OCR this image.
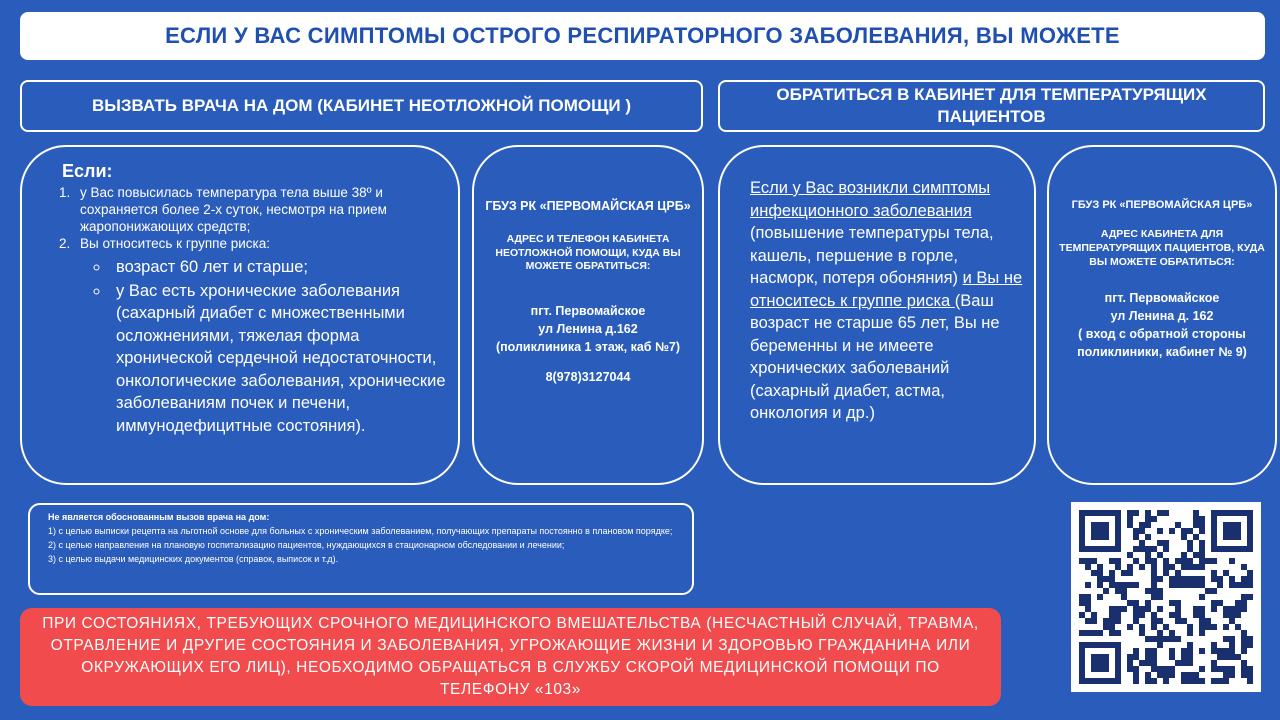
ЕСЛИ У ВАС СИМПТОМЫ ОСТРОГО РЕСПИРАТОРНОГО ЗАБОЛЕВАНИЯ, ВЫ МОЖЕТЕ
ВЫЗВАТЬ ВРАЧА НА ДОМ (КАБИНЕТ НЕОТЛОЖНОЙ ПОМОЩИ )
ОБРАТИТЬСЯ В КАБИНЕТ ДЛЯ ТЕМПЕРАТУРЯЩИХ ПАЦИЕНТОВ
Если:
1. у Вас повысилась температура тела выше 38º и сохраняется более 2-х суток, несмотря на прием жаропонижающих средств;
2. Вы относитесь к группе риска:
◦ возраст 60 лет и старше;
◦ у Вас есть хронические заболевания (сахарный диабет с множественными осложнениями, тяжелая форма хронической сердечной недостаточности, онкологические заболевания, хронические заболеваниям почек и печени, иммунодефицитные состояния).
ГБУЗ РК «ПЕРВОМАЙСКАЯ ЦРБ»
АДРЕС И ТЕЛЕФОН КАБИНЕТА НЕОТЛОЖНОЙ ПОМОЩИ, КУДА ВЫ МОЖЕТЕ ОБРАТИТЬСЯ:
пгт. Первомайское
ул Ленина д.162
(поликлиника 1 этаж, каб №7)
8(978)3127044
Если у Вас возникли симптомы инфекционного заболевания (повышение температуры тела, кашель, першение в горле, насморк, потеря обоняния) и Вы не относитесь к группе риска (Ваш возраст не старше 65 лет, Вы не беременны и не имеете хронических заболеваний (сахарный диабет, астма, онкология и др.)
ГБУЗ РК «ПЕРВОМАЙСКАЯ ЦРБ»
АДРЕС КАБИНЕТА ДЛЯ ТЕМПЕРАТУРЯЩИХ ПАЦИЕНТОВ, КУДА ВЫ МОЖЕТЕ ОБРАТИТЬСЯ:
пгт. Первомайское
ул Ленина д. 162
( вход с обратной стороны поликлиники, кабинет № 9)
Не является обоснованным вызов врача на дом:
1) с целью выписки рецепта на льготной основе для больных с хроническим заболеванием, получающих препараты постоянно в плановом порядке;
2) с целью направления на плановую госпитализацию пациентов, нуждающихся в стационарном обследовании и лечении;
3) с целью выдачи медицинских документов (справок, выписок и т.д).
ПРИ СОСТОЯНИЯХ, ТРЕБУЮЩИХ СРОЧНОГО МЕДИЦИНСКОГО ВМЕШАТЕЛЬСТВА (НЕСЧАСТНЫЙ СЛУЧАЙ, ТРАВМА, ОТРАВЛЕНИЕ И ДРУГИЕ СОСТОЯНИЯ И ЗАБОЛЕВАНИЯ, УГРОЖАЮЩИЕ ЖИЗНИ И ЗДОРОВЬЮ ГРАЖДАНИНА ИЛИ ОКРУЖАЮЩИХ ЕГО ЛИЦ), НЕОБХОДИМО ОБРАЩАТЬСЯ В СЛУЖБУ СКОРОЙ МЕДИЦИНСКОЙ ПОМОЩИ ПО ТЕЛЕФОНУ «103»
